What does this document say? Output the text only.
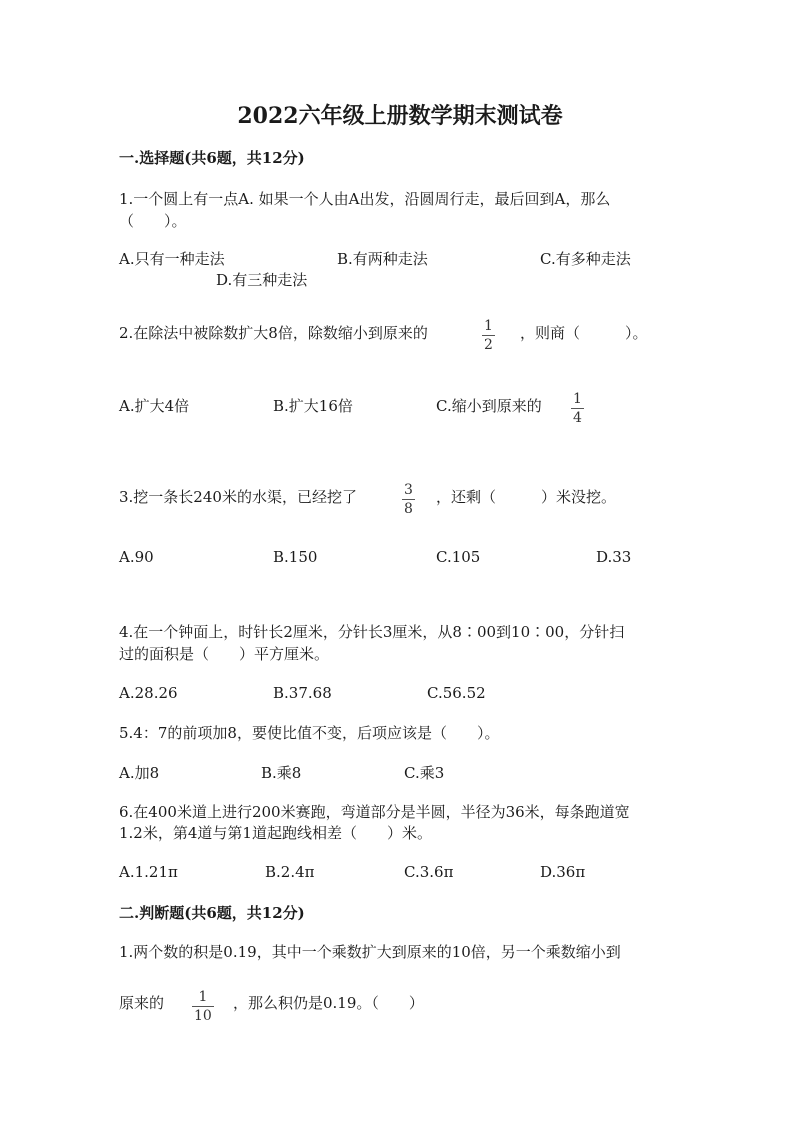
2022六年级上册数学期末测试卷
一.选择题(共6题，共12分)
1.一个圆上有一点A. 如果一个人由A出发，沿圆周行走，最后回到A，那么
（　　）。
A.只有一种走法	B.有两种走法	C.有多种走法
D.有三种走法
2.在除法中被除数扩大8倍，除数缩小到原来的	1
2
，则商（　　　）。
A.扩大4倍	B.扩大16倍	C.缩小到原来的 1
4
3.挖一条长240米的水渠，已经挖了	3
8
，还剩（　　　）米没挖。
A.90	B.150	C.105	D.33
4.在一个钟面上，时针长2厘米，分针长3厘米，从8∶00到10∶00，分针扫
过的面积是（　　）平方厘米。
A.28.26	B.37.68	C.56.52
5.4：7的前项加8，要使比值不变，后项应该是（　　）。
A.加8	B.乘8	C.乘3
6.在400米道上进行200米赛跑，弯道部分是半圆，半径为36米，每条跑道宽
1.2米，第4道与第1道起跑线相差（　　）米。
A.1.21π	B.2.4π	C.3.6π	D.36π
二.判断题(共6题，共12分)
1.两个数的积是0.19，其中一个乘数扩大到原来的10倍，另一个乘数缩小到
原来的 1
10
，那么积仍是0.19。（　　）
